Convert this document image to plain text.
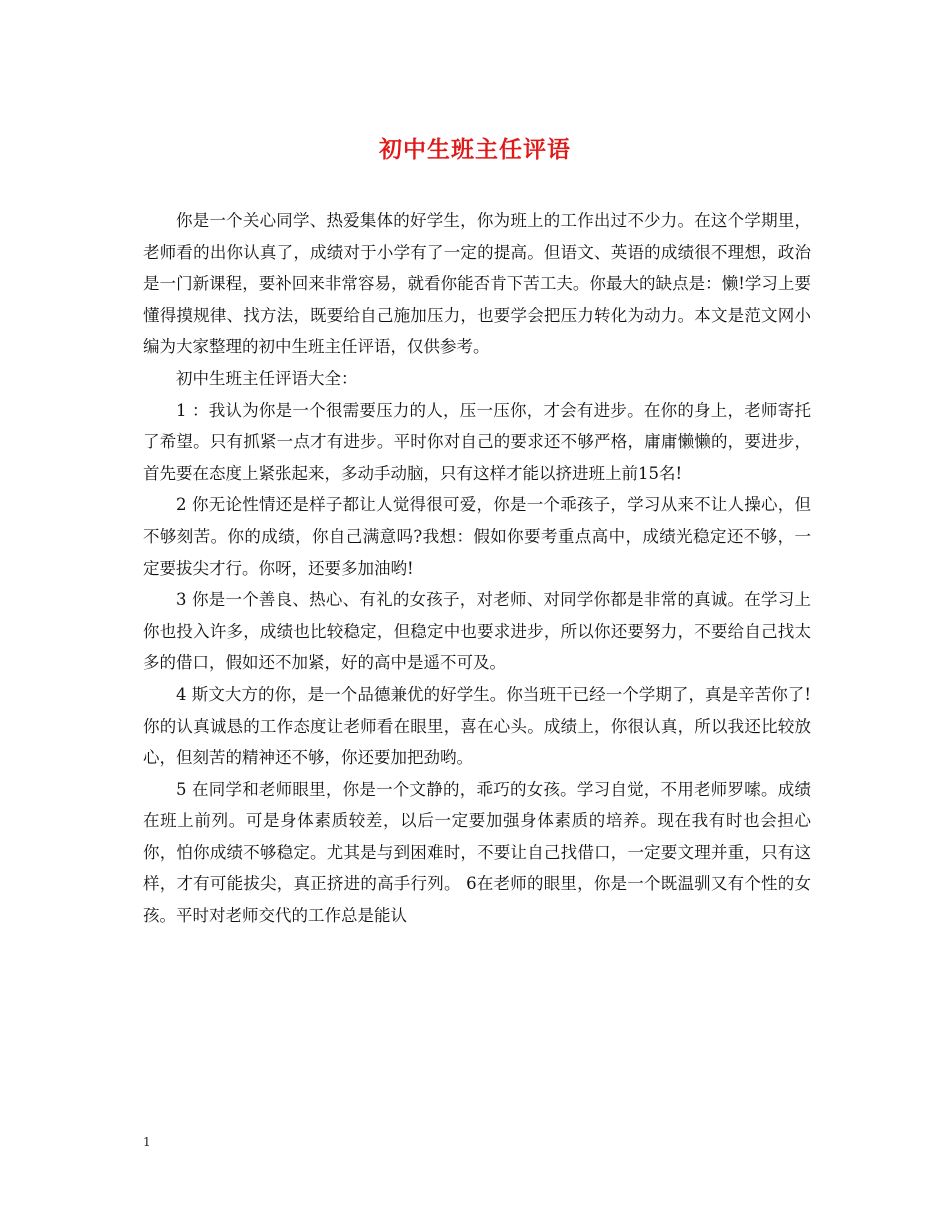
初中生班主任评语

你是一个关心同学、热爱集体的好学生，你为班上的工作出过不少力。在这个学期里，老师看的出你认真了，成绩对于小学有了一定的提高。但语文、英语的成绩很不理想，政治是一门新课程，要补回来非常容易，就看你能否肯下苦工夫。你最大的缺点是：懒!学习上要懂得摸规律、找方法，既要给自己施加压力，也要学会把压力转化为动力。本文是范文网小编为大家整理的初中生班主任评语，仅供参考。

初中生班主任评语大全：

1 ：我认为你是一个很需要压力的人，压一压你，才会有进步。在你的身上，老师寄托了希望。只有抓紧一点才有进步。平时你对自己的要求还不够严格，庸庸懒懒的，要进步，首先要在态度上紧张起来，多动手动脑，只有这样才能以挤进班上前15名!

2 你无论性情还是样子都让人觉得很可爱，你是一个乖孩子，学习从来不让人操心，但不够刻苦。你的成绩，你自己满意吗?我想：假如你要考重点高中，成绩光稳定还不够，一定要拔尖才行。你呀，还要多加油哟!

3 你是一个善良、热心、有礼的女孩子，对老师、对同学你都是非常的真诚。在学习上你也投入许多，成绩也比较稳定，但稳定中也要求进步，所以你还要努力，不要给自己找太多的借口，假如还不加紧，好的高中是遥不可及。

4 斯文大方的你，是一个品德兼优的好学生。你当班干已经一个学期了，真是辛苦你了!你的认真诚恳的工作态度让老师看在眼里，喜在心头。成绩上，你很认真，所以我还比较放心，但刻苦的精神还不够，你还要加把劲哟。

5 在同学和老师眼里，你是一个文静的，乖巧的女孩。学习自觉，不用老师罗嗦。成绩在班上前列。可是身体素质较差，以后一定要加强身体素质的培养。现在我有时也会担心你，怕你成绩不够稳定。尤其是与到困难时，不要让自己找借口，一定要文理并重，只有这样，才有可能拔尖，真正挤进的高手行列。 6在老师的眼里，你是一个既温驯又有个性的女孩。平时对老师交代的工作总是能认

1
